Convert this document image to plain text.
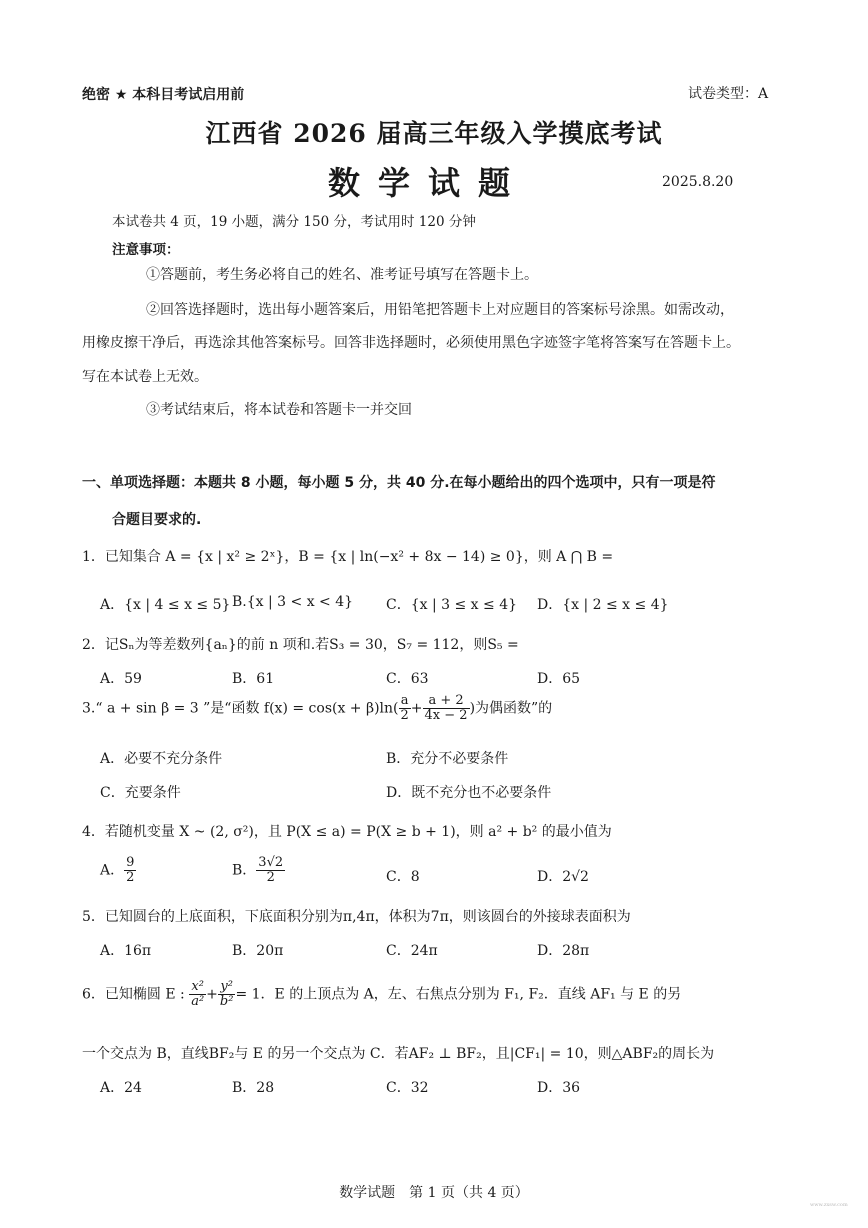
绝密 ★ 本科目考试启用前	试卷类型：A
江西省 2026 届高三年级入学摸底考试
数学试题	2025.8.20
本试卷共 4 页，19 小题，满分 150 分，考试用时 120 分钟
注意事项：
①答题前，考生务必将自己的姓名、准考证号填写在答题卡上。
②回答选择题时，选出每小题答案后，用铅笔把答题卡上对应题目的答案标号涂黑。如需改动，
用橡皮擦干净后，再选涂其他答案标号。回答非选择题时，必须使用黑色字迹签字笔将答案写在答题卡上。
写在本试卷上无效。
③考试结束后，将本试卷和答题卡一并交回
一、单项选择题：本题共 8 小题，每小题 5 分，共 40 分.在每小题给出的四个选项中，只有一项是符
合题目要求的.
1．已知集合 A = {x | x² ≥ 2ˣ}，B = {x | ln(−x² + 8x − 14) ≥ 0}，则 A ⋂ B =
A．{x | 4 ≤ x ≤ 5} B.{x | 3 < x < 4} C．{x | 3 ≤ x ≤ 4} D．{x | 2 ≤ x ≤ 4}
2．记Sₙ为等差数列{aₙ}的前 n 项和.若S₃ = 30，S₇ = 112，则S₅ =
A．59	B．61	C．63	D．65
3.“ a + sin β = 3 ”是“函数 $f(x) = \cos(x + \beta)\ln( \frac{a}{2} + \frac{a + 2}{4x - 2}$ )为偶函数”的
A．必要不充分条件	B．充分不必要条件
C．充要条件	D．既不充分也不必要条件
4．若随机变量 X ~ (2, σ²)，且 P(X ≤ a) = P(X ≥ b + 1)，则 a² + b² 的最小值为
A． $\frac{9}{2}$	B． $\frac{3√2}{2}$	C．8	D．2√2
5．已知圆台的上底面积，下底面积分别为π,4π，体积为7π，则该圆台的外接球表面积为
A．16π	B．20π	C．24π	D．28π
6．已知椭圆 E : $\frac{\text{x²}}{\text{a²}} + \frac{\text{y²}}{\text{b²}} = 1$．E 的上顶点为 A，左、右焦点分别为 F₁, F₂．直线 AF₁ 与 E 的另
一个交点为 B，直线BF₂与 E 的另一个交点为 C．若AF₂ ⊥ BF₂，且|CF₁| = 10，则△ABF₂的周长为
A．24	B．28	C．32	D．36
数学试题　第 1 页（共 4 页）
www.zxsw.com
